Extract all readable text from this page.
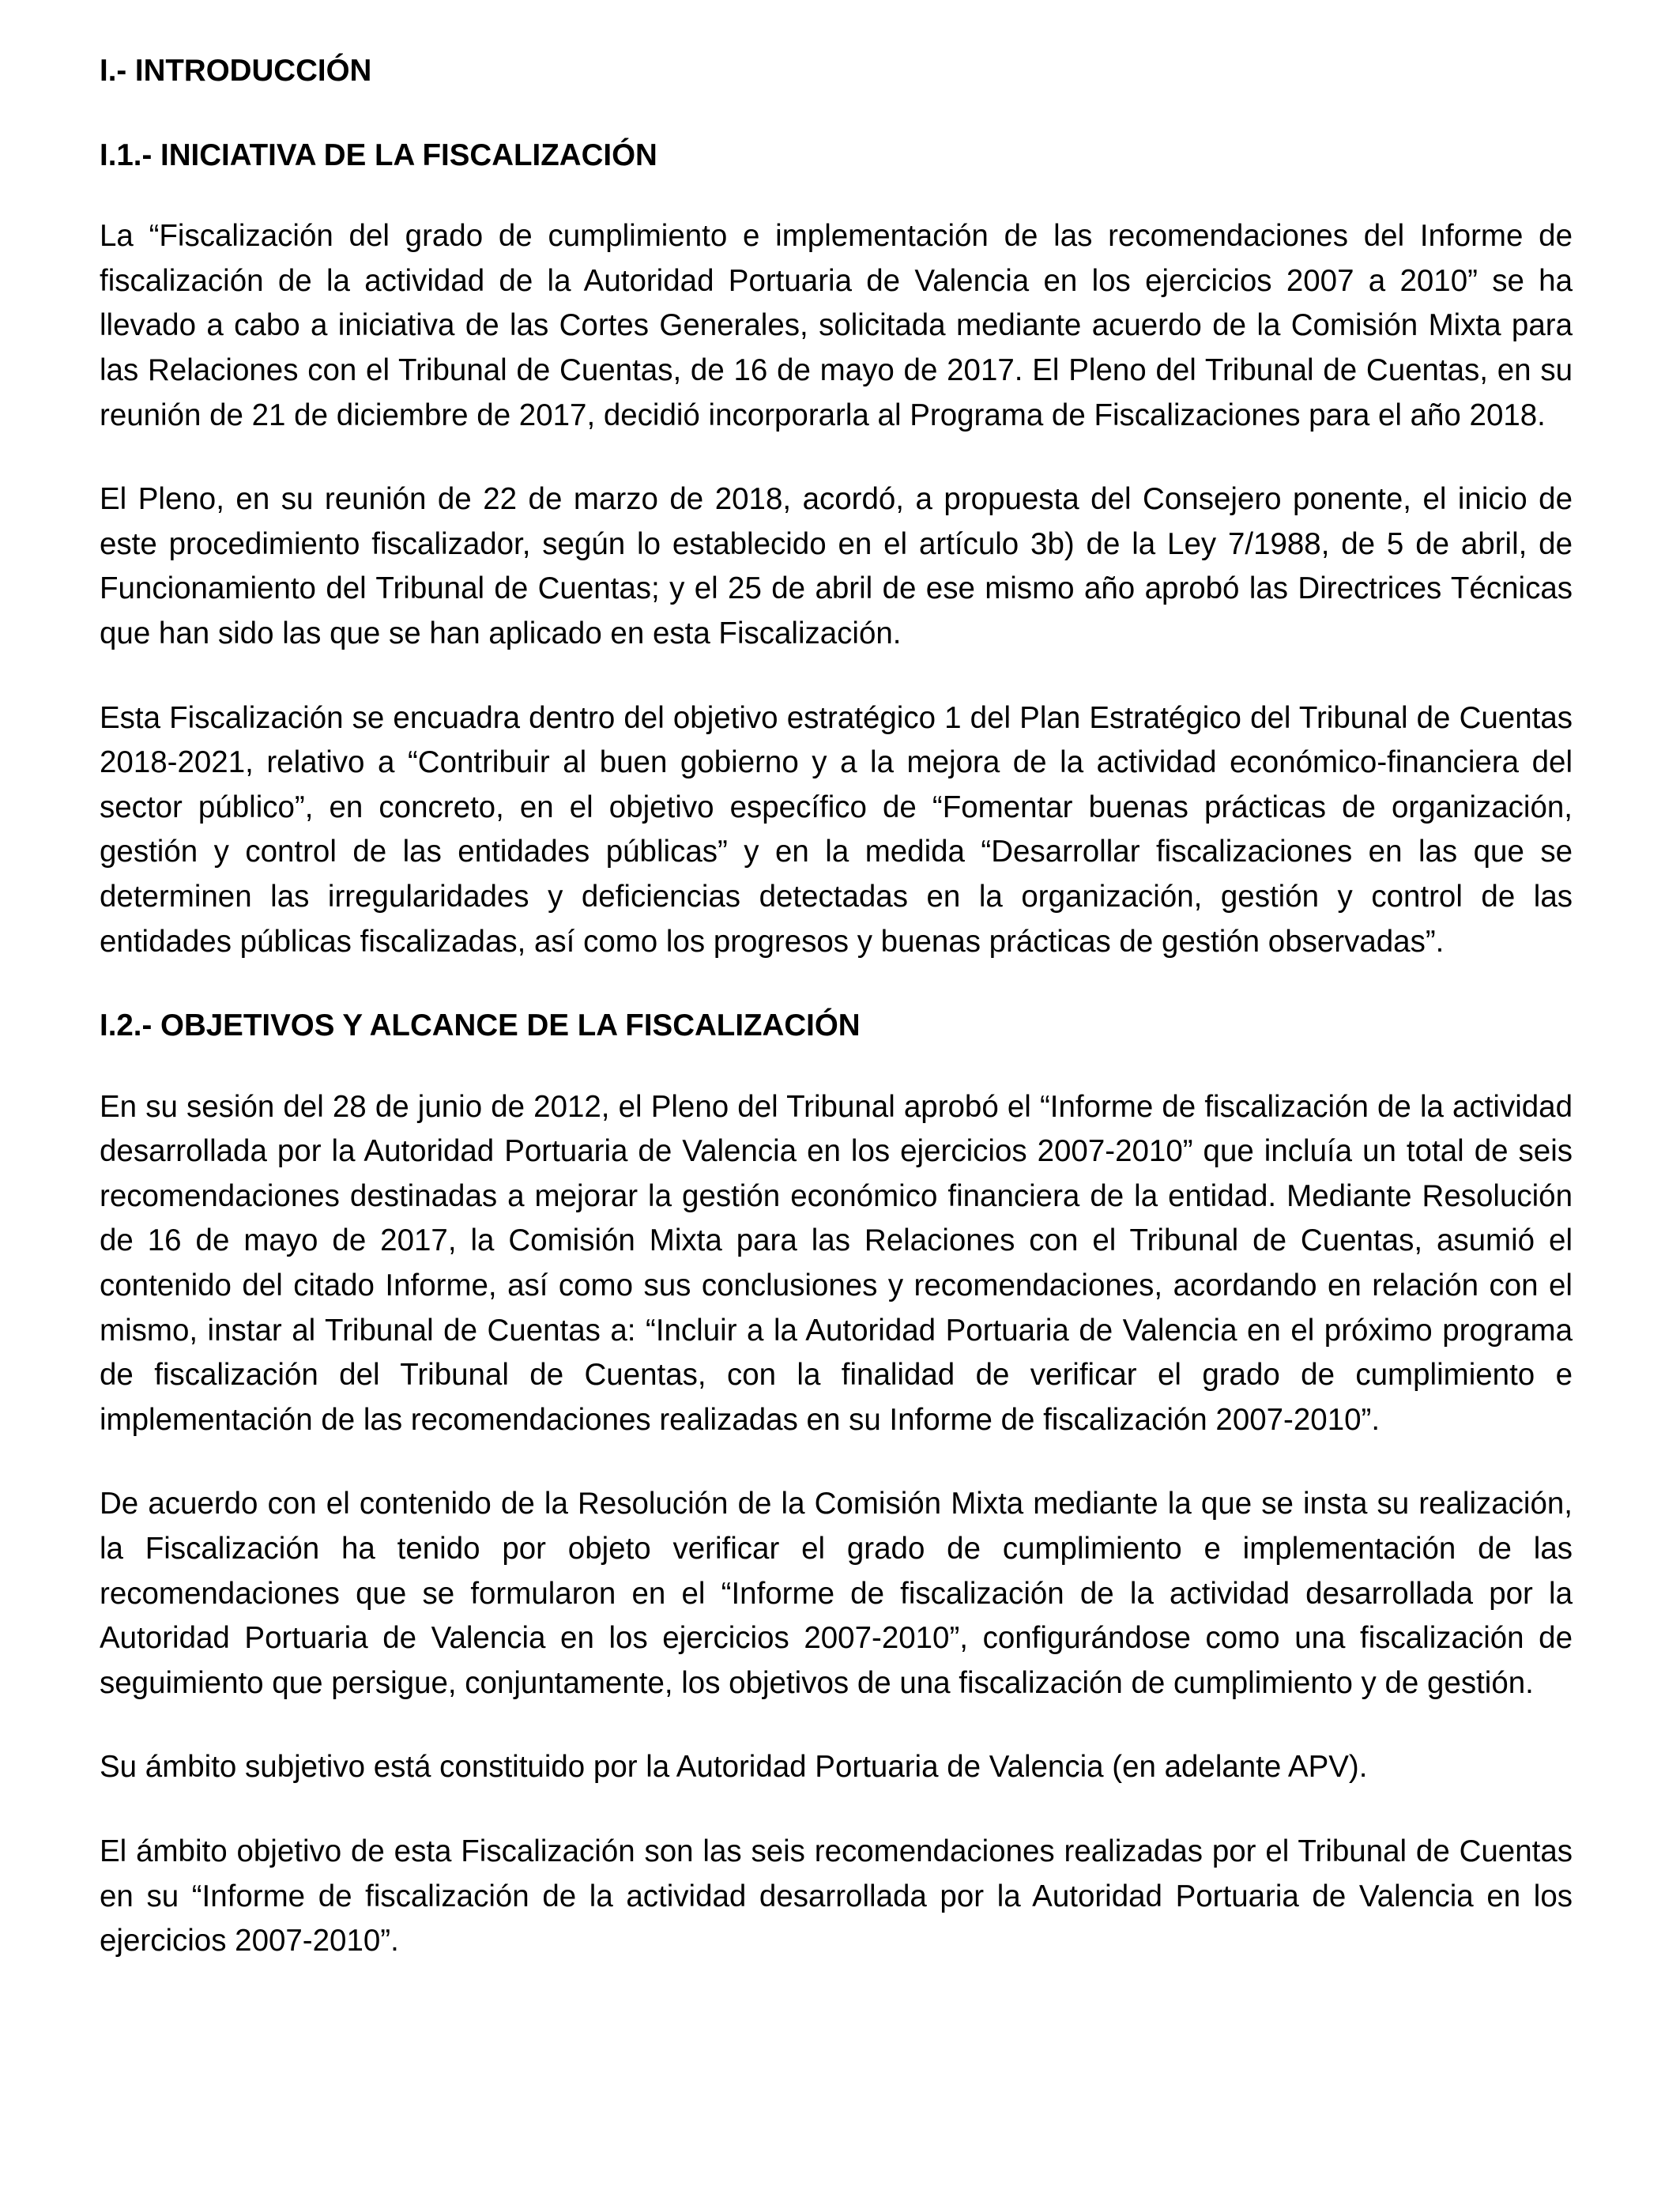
I.- INTRODUCCIÓN
I.1.- INICIATIVA DE LA FISCALIZACIÓN

La “Fiscalización del grado de cumplimiento e implementación de las recomendaciones del Informe de fiscalización de la actividad de la Autoridad Portuaria de Valencia en los ejercicios 2007 a 2010” se ha llevado a cabo a iniciativa de las Cortes Generales, solicitada mediante acuerdo de la Comisión Mixta para las Relaciones con el Tribunal de Cuentas, de 16 de mayo de 2017. El Pleno del Tribunal de Cuentas, en su reunión de 21 de diciembre de 2017, decidió incorporarla al Programa de Fiscalizaciones para el año 2018.

El Pleno, en su reunión de 22 de marzo de 2018, acordó, a propuesta del Consejero ponente, el inicio de este procedimiento fiscalizador, según lo establecido en el artículo 3b) de la Ley 7/1988, de 5 de abril, de Funcionamiento del Tribunal de Cuentas; y el 25 de abril de ese mismo año aprobó las Directrices Técnicas que han sido las que se han aplicado en esta Fiscalización.

Esta Fiscalización se encuadra dentro del objetivo estratégico 1 del Plan Estratégico del Tribunal de Cuentas 2018-2021, relativo a “Contribuir al buen gobierno y a la mejora de la actividad económico-financiera del sector público”, en concreto, en el objetivo específico de “Fomentar buenas prácticas de organización, gestión y control de las entidades públicas” y en la medida “Desarrollar fiscalizaciones en las que se determinen las irregularidades y deficiencias detectadas en la organización, gestión y control de las entidades públicas fiscalizadas, así como los progresos y buenas prácticas de gestión observadas”.

I.2.- OBJETIVOS Y ALCANCE DE LA FISCALIZACIÓN

En su sesión del 28 de junio de 2012, el Pleno del Tribunal aprobó el “Informe de fiscalización de la actividad desarrollada por la Autoridad Portuaria de Valencia en los ejercicios 2007-2010” que incluía un total de seis recomendaciones destinadas a mejorar la gestión económico financiera de la entidad. Mediante Resolución de 16 de mayo de 2017, la Comisión Mixta para las Relaciones con el Tribunal de Cuentas, asumió el contenido del citado Informe, así como sus conclusiones y recomendaciones, acordando en relación con el mismo, instar al Tribunal de Cuentas a: “Incluir a la Autoridad Portuaria de Valencia en el próximo programa de fiscalización del Tribunal de Cuentas, con la finalidad de verificar el grado de cumplimiento e implementación de las recomendaciones realizadas en su Informe de fiscalización 2007-2010”.

De acuerdo con el contenido de la Resolución de la Comisión Mixta mediante la que se insta su realización, la Fiscalización ha tenido por objeto verificar el grado de cumplimiento e implementación de las recomendaciones que se formularon en el “Informe de fiscalización de la actividad desarrollada por la Autoridad Portuaria de Valencia en los ejercicios 2007-2010”, configurándose como una fiscalización de seguimiento que persigue, conjuntamente, los objetivos de una fiscalización de cumplimiento y de gestión.

Su ámbito subjetivo está constituido por la Autoridad Portuaria de Valencia (en adelante APV).

El ámbito objetivo de esta Fiscalización son las seis recomendaciones realizadas por el Tribunal de Cuentas en su “Informe de fiscalización de la actividad desarrollada por la Autoridad Portuaria de Valencia en los ejercicios 2007-2010”.
